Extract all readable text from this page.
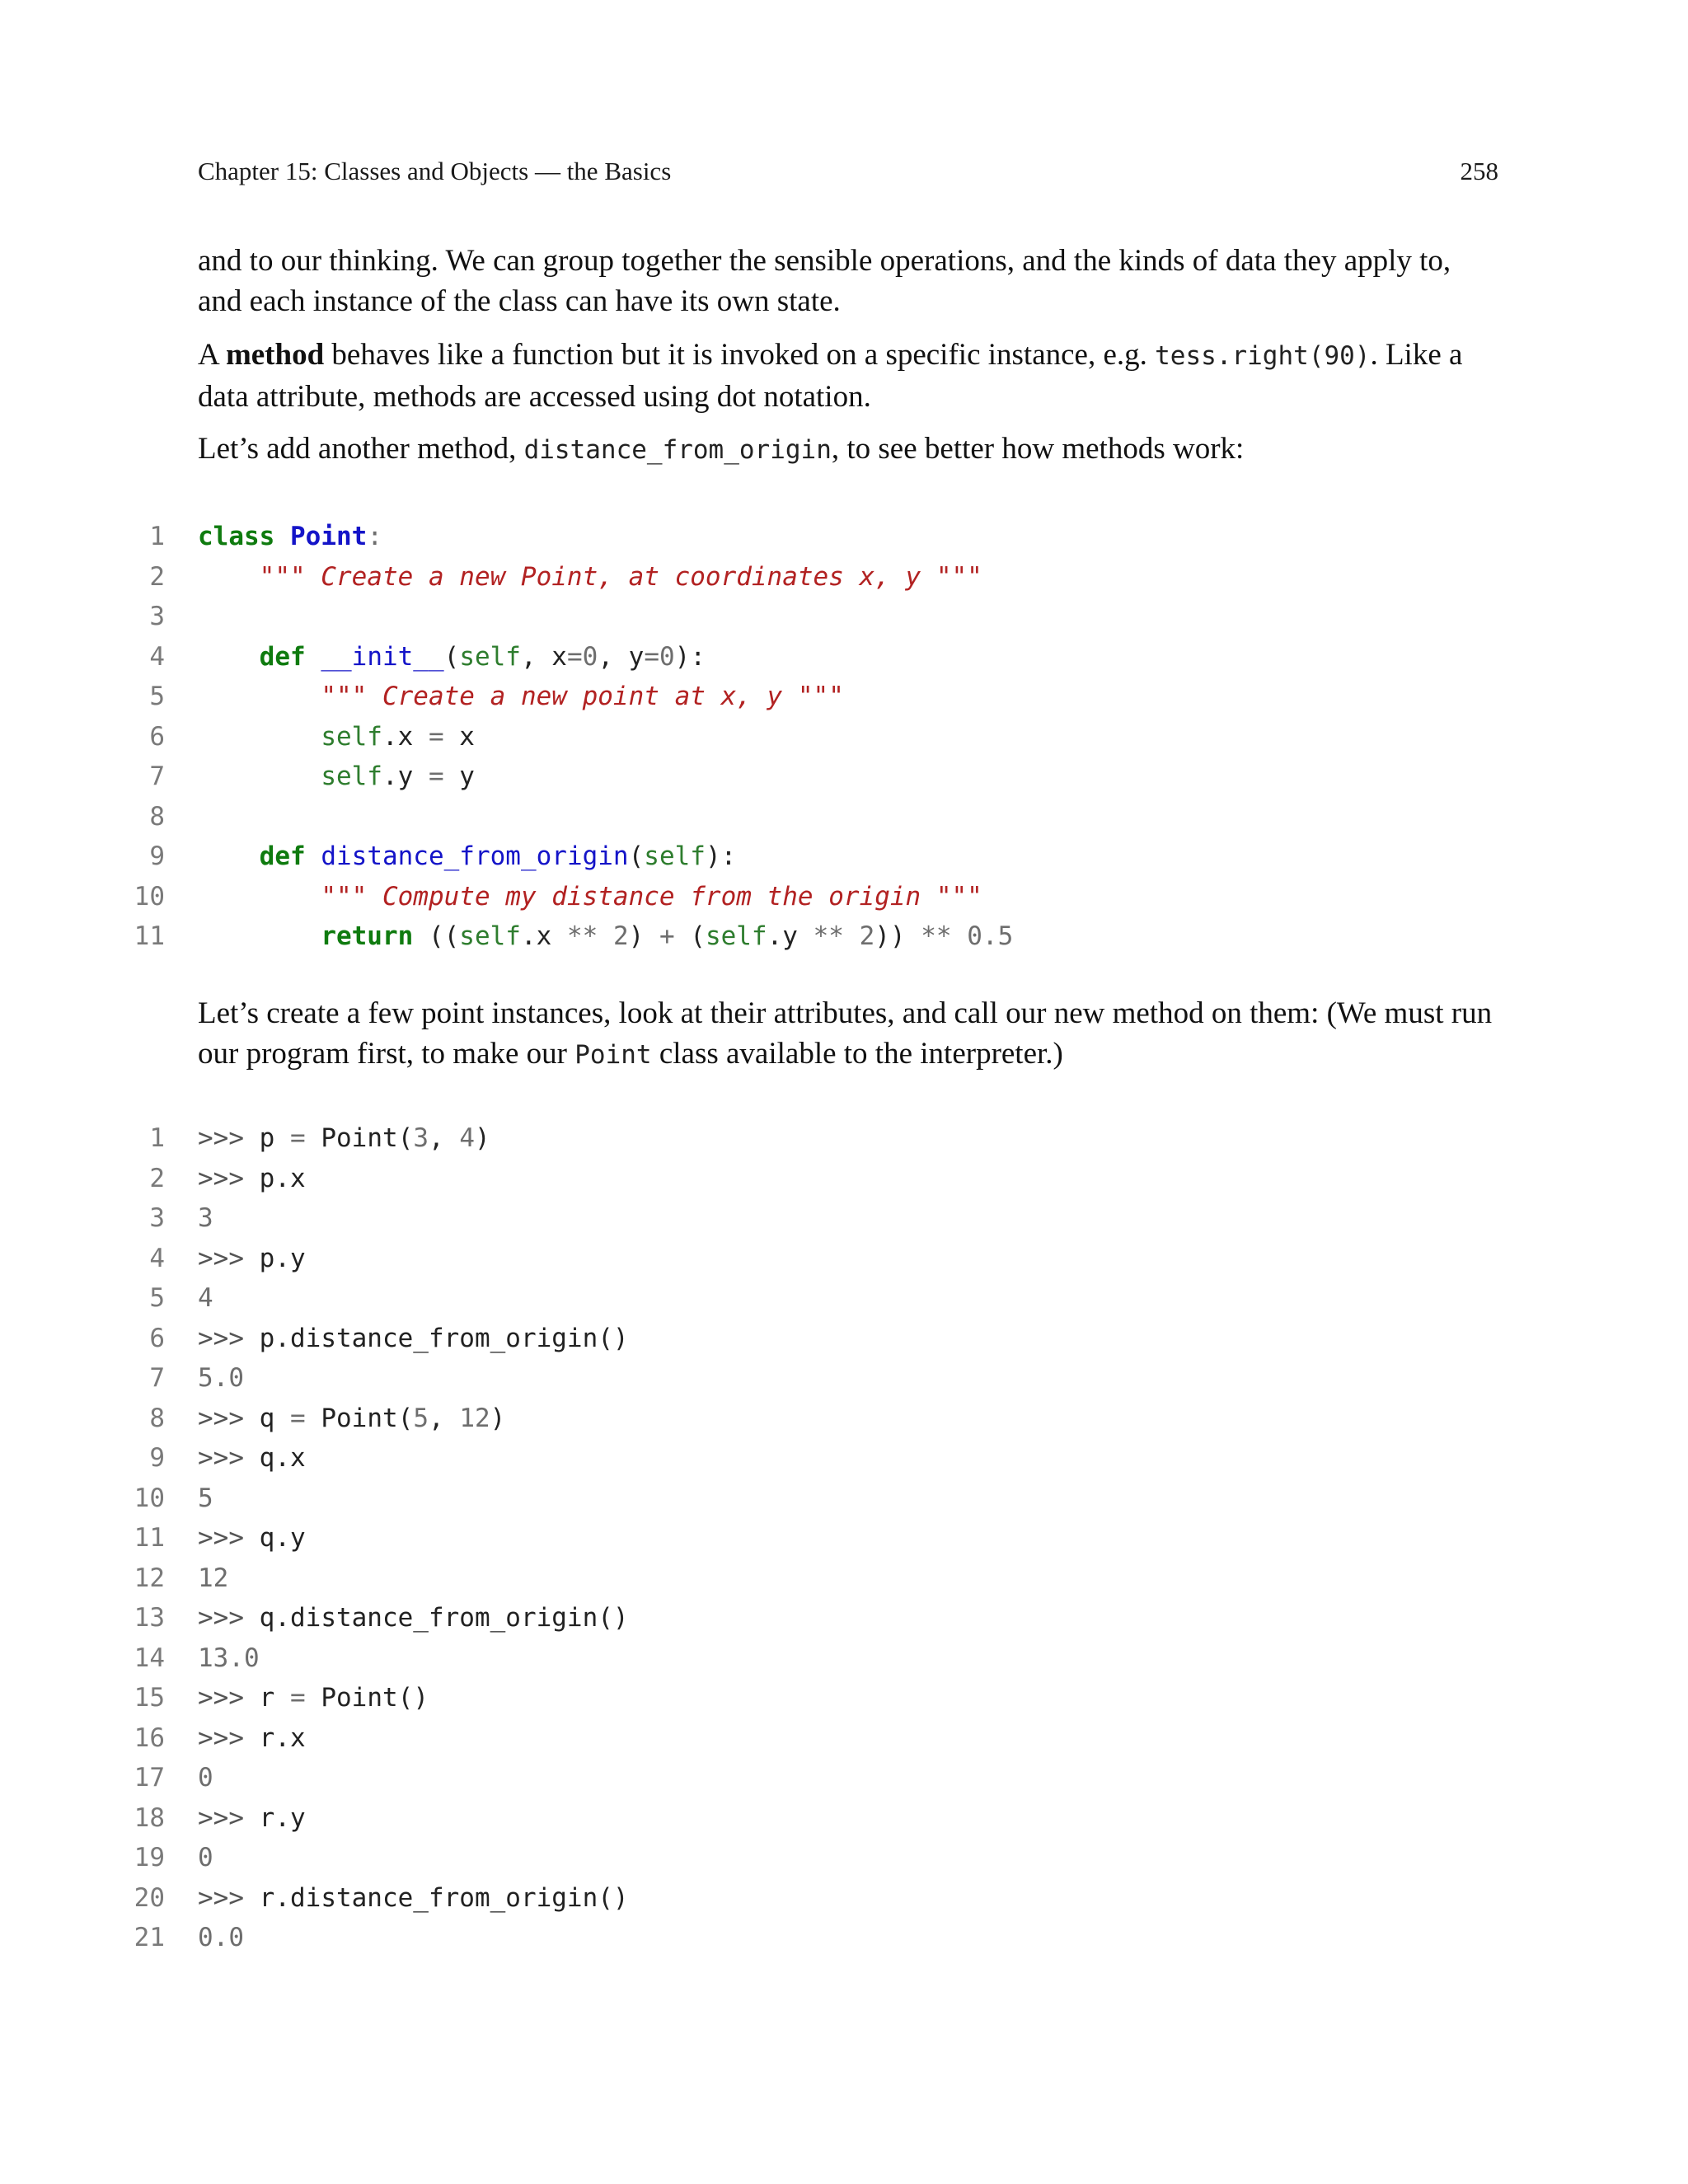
Chapter 15: Classes and Objects — the Basics	258

and to our thinking. We can group together the sensible operations, and the kinds of data they apply to, and each instance of the class can have its own state.

A method behaves like a function but it is invoked on a specific instance, e.g. tess.right(90). Like a data attribute, methods are accessed using dot notation.

Let’s add another method, distance_from_origin, to see better how methods work:

1 class Point:
2	""" Create a new Point, at coordinates x, y """
3
4	def __init__(self, x=0, y=0):
5	""" Create a new point at x, y """
6	self.x = x
7	self.y = y
8
9	def distance_from_origin(self):
10	""" Compute my distance from the origin """
11	return ((self.x ** 2) + (self.y ** 2)) ** 0.5

Let’s create a few point instances, look at their attributes, and call our new method on them: (We must run our program first, to make our Point class available to the interpreter.)

1 >>> p = Point(3, 4)
2 >>> p.x
3 3
4 >>> p.y
5 4
6 >>> p.distance_from_origin()
7 5.0
8 >>> q = Point(5, 12)
9 >>> q.x
10 5
11 >>> q.y
12 12
13 >>> q.distance_from_origin()
14 13.0
15 >>> r = Point()
16 >>> r.x
17 0
18 >>> r.y
19 0
20 >>> r.distance_from_origin()
21 0.0
